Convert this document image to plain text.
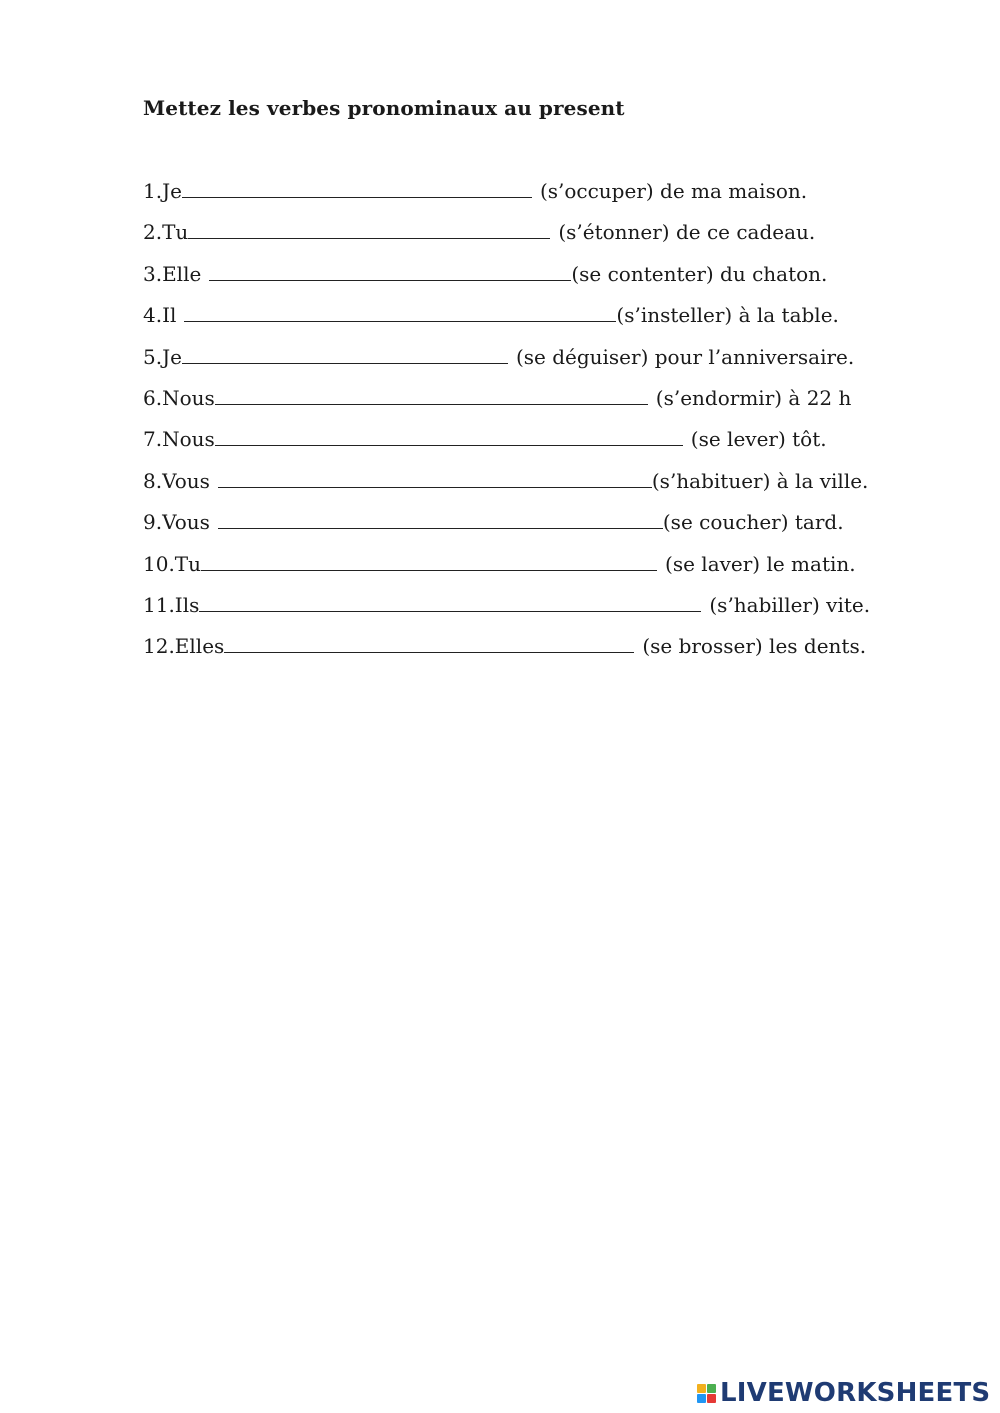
Mettez les verbes pronominaux au present
1.Je	(s’occuper) de ma maison.
2.Tu	(s’étonner) de ce cadeau.
3.Elle	(se contenter) du chaton.
4.Il	(s’insteller) à la table.
5.Je	(se déguiser) pour l’anniversaire.
6.Nous	(s’endormir) à 22 h
7.Nous	(se lever) tôt.
8.Vous	(s’habituer) à la ville.
9.Vous	(se coucher) tard.
10.Tu	(se laver) le matin.
11.Ils	(s’habiller) vite.
12.Elles	(se brosser) les dents.
LIVEWORKSHEETS
